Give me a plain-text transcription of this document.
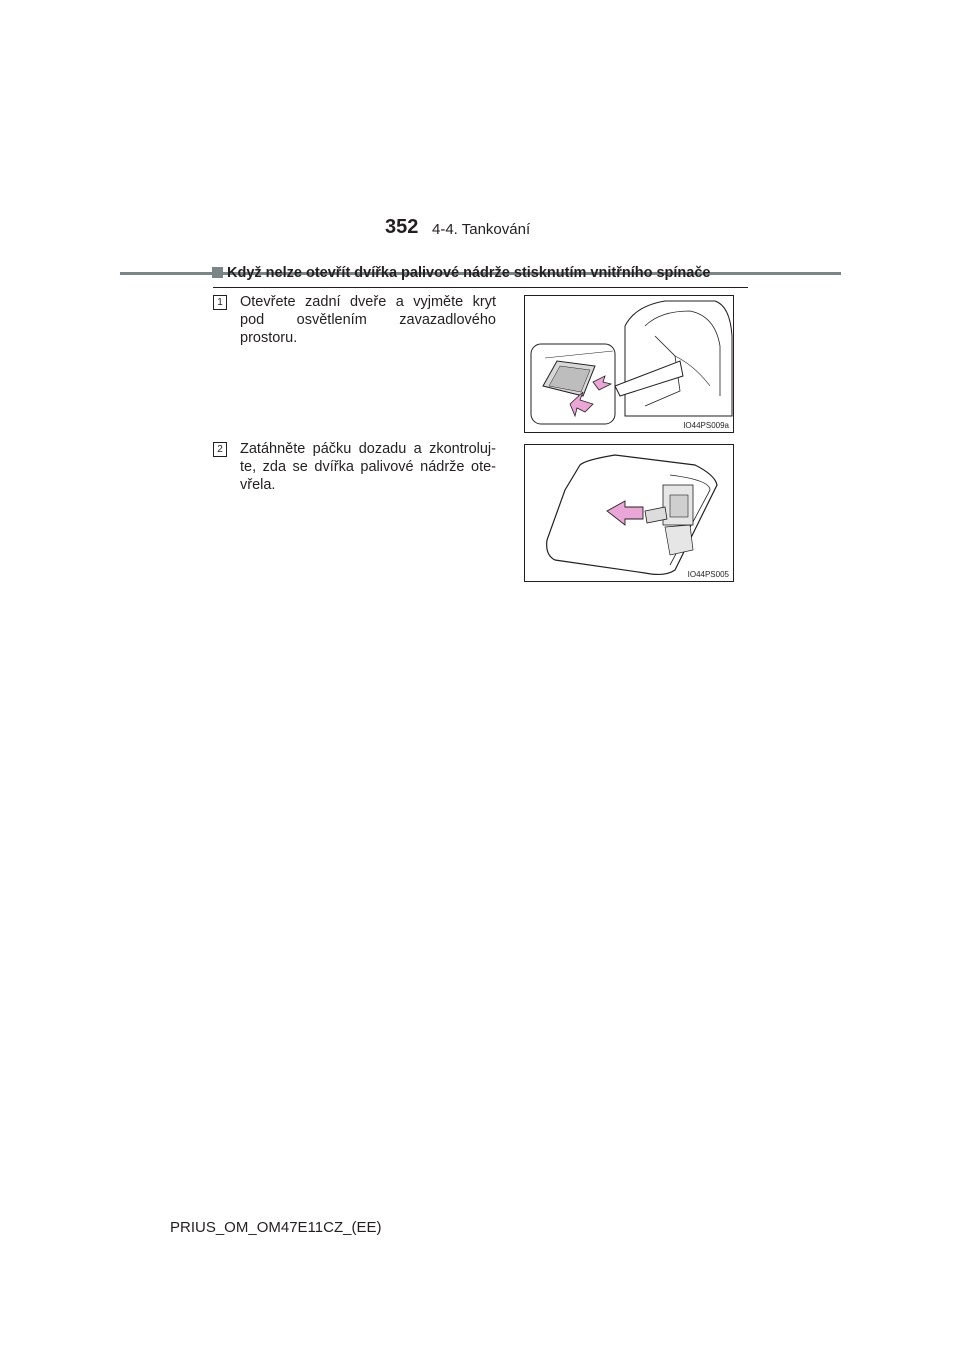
352 4-4. Tankování
Když nelze otevřít dvířka palivové nádrže stisknutím vnitřního spínače
1 Otevřete zadní dveře a vyjměte kryt pod osvětlením zavazadlového prostoru.
IO44PS009a
2 Zatáhněte páčku dozadu a zkontroluj-te, zda se dvířka palivové nádrže ote-vřela.
IO44PS005
PRIUS_OM_OM47E11CZ_(EE)
